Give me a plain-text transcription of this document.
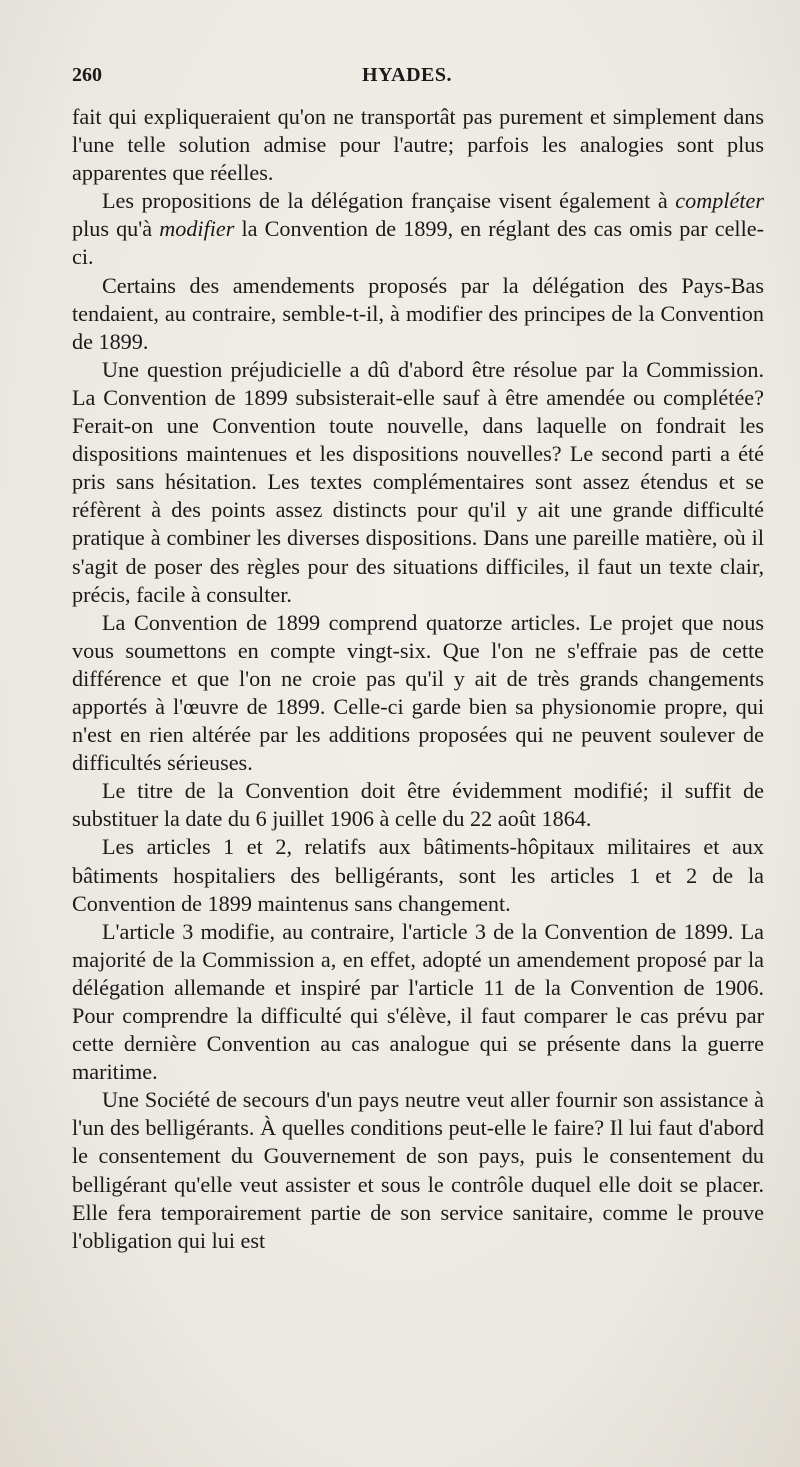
260	HYADES.

fait qui expliqueraient qu'on ne transportât pas purement et simplement dans l'une telle solution admise pour l'autre; parfois les analogies sont plus apparentes que réelles.

Les propositions de la délégation française visent également à compléter plus qu'à modifier la Convention de 1899, en réglant des cas omis par celle-ci.

Certains des amendements proposés par la délégation des Pays-Bas tendaient, au contraire, semble-t-il, à modifier des principes de la Convention de 1899.

Une question préjudicielle a dû d'abord être résolue par la Commission. La Convention de 1899 subsisterait-elle sauf à être amendée ou complétée? Ferait-on une Convention toute nouvelle, dans laquelle on fondrait les dispositions maintenues et les dispositions nouvelles? Le second parti a été pris sans hésitation. Les textes complémentaires sont assez étendus et se réfèrent à des points assez distincts pour qu'il y ait une grande difficulté pratique à combiner les diverses dispositions. Dans une pareille matière, où il s'agit de poser des règles pour des situations difficiles, il faut un texte clair, précis, facile à consulter.

La Convention de 1899 comprend quatorze articles. Le projet que nous vous soumettons en compte vingt-six. Que l'on ne s'effraie pas de cette différence et que l'on ne croie pas qu'il y ait de très grands changements apportés à l'œuvre de 1899. Celle-ci garde bien sa physionomie propre, qui n'est en rien altérée par les additions proposées qui ne peuvent soulever de difficultés sérieuses.

Le titre de la Convention doit être évidemment modifié; il suffit de substituer la date du 6 juillet 1906 à celle du 22 août 1864.

Les articles 1 et 2, relatifs aux bâtiments-hôpitaux militaires et aux bâtiments hospitaliers des belligérants, sont les articles 1 et 2 de la Convention de 1899 maintenus sans changement.

L'article 3 modifie, au contraire, l'article 3 de la Convention de 1899. La majorité de la Commission a, en effet, adopté un amendement proposé par la délégation allemande et inspiré par l'article 11 de la Convention de 1906. Pour comprendre la difficulté qui s'élève, il faut comparer le cas prévu par cette dernière Convention au cas analogue qui se présente dans la guerre maritime.

Une Société de secours d'un pays neutre veut aller fournir son assistance à l'un des belligérants. À quelles conditions peut-elle le faire? Il lui faut d'abord le consentement du Gouvernement de son pays, puis le consentement du belligérant qu'elle veut assister et sous le contrôle duquel elle doit se placer. Elle fera temporairement partie de son service sanitaire, comme le prouve l'obligation qui lui est
